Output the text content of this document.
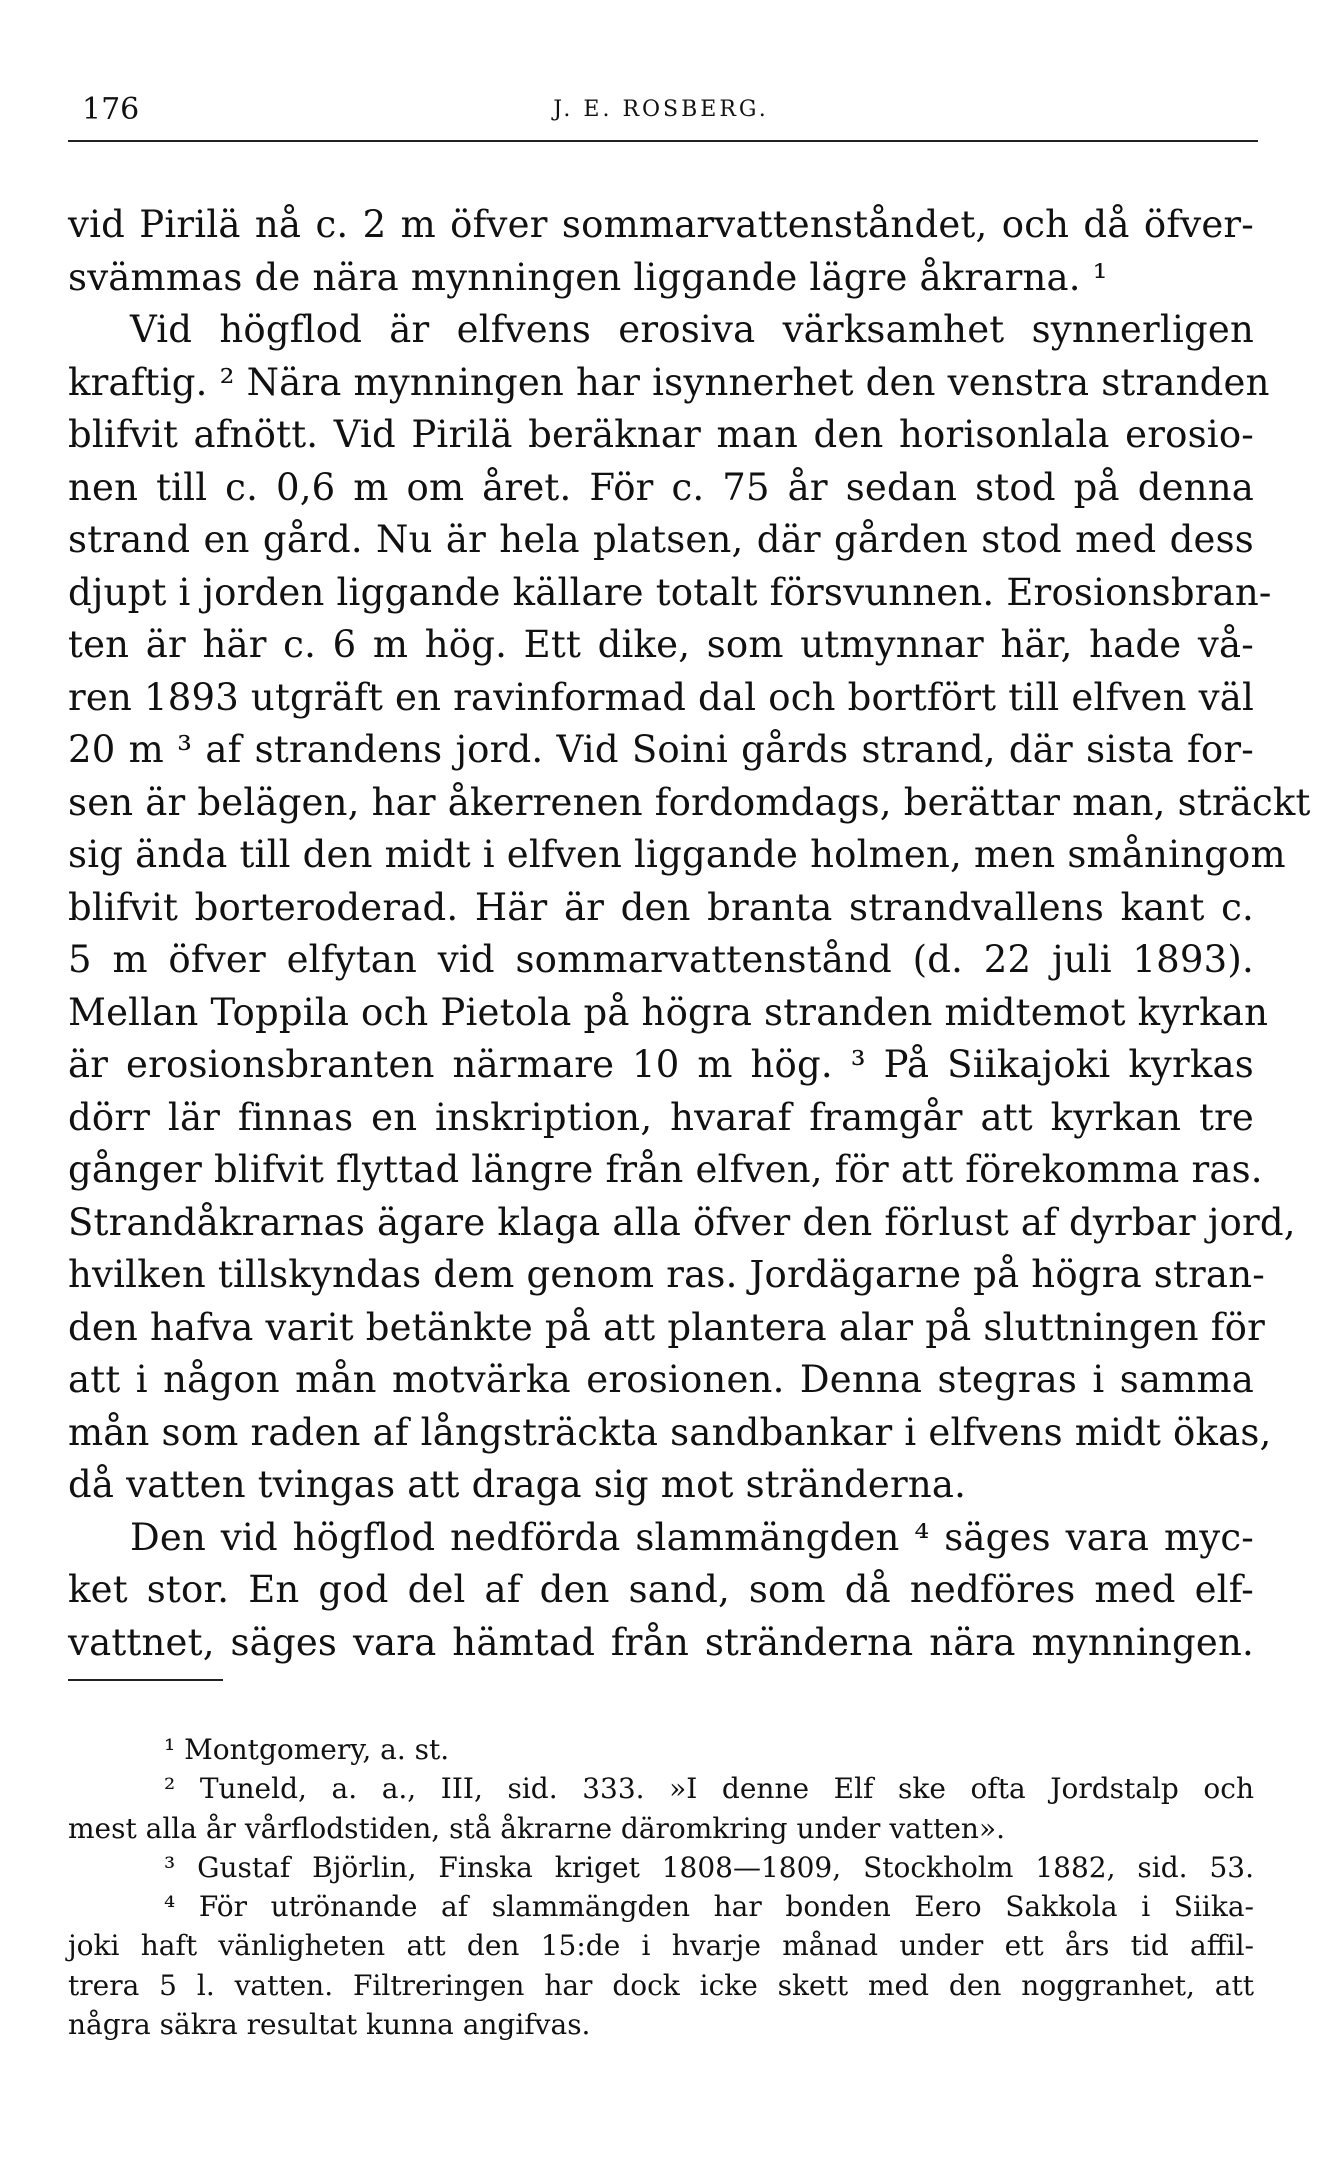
176	J. E. ROSBERG.
vid Pirilä nå c. 2 m öfver sommarvattenståndet, och då öfver-
svämmas de nära mynningen liggande lägre åkrarna. ¹
Vid högflod är elfvens erosiva värksamhet synnerligen
kraftig. ² Nära mynningen har isynnerhet den venstra stranden
blifvit afnött. Vid Pirilä beräknar man den horisonlala erosio-
nen till c. 0,6 m om året. För c. 75 år sedan stod på denna
strand en gård. Nu är hela platsen, där gården stod med dess
djupt i jorden liggande källare totalt försvunnen. Erosionsbran-
ten är här c. 6 m hög. Ett dike, som utmynnar här, hade vå-
ren 1893 utgräft en ravinformad dal och bortfört till elfven väl
20 m ³ af strandens jord. Vid Soini gårds strand, där sista for-
sen är belägen, har åkerrenen fordomdags, berättar man, sträckt
sig ända till den midt i elfven liggande holmen, men småningom
blifvit borteroderad. Här är den branta strandvallens kant c.
5 m öfver elfytan vid sommarvattenstånd (d. 22 juli 1893).
Mellan Toppila och Pietola på högra stranden midtemot kyrkan
är erosionsbranten närmare 10 m hög. ³ På Siikajoki kyrkas
dörr lär finnas en inskription, hvaraf framgår att kyrkan tre
gånger blifvit flyttad längre från elfven, för att förekomma ras.
Strandåkrarnas ägare klaga alla öfver den förlust af dyrbar jord,
hvilken tillskyndas dem genom ras. Jordägarne på högra stran-
den hafva varit betänkte på att plantera alar på sluttningen för
att i någon mån motvärka erosionen. Denna stegras i samma
mån som raden af långsträckta sandbankar i elfvens midt ökas,
då vatten tvingas att draga sig mot stränderna.
Den vid högflod nedförda slammängden ⁴ säges vara myc-
ket stor. En god del af den sand, som då nedföres med elf-
vattnet, säges vara hämtad från stränderna nära mynningen.
¹ Montgomery, a. st.
² Tuneld, a. a., III, sid. 333. »I denne Elf ske ofta Jordstalp och
mest alla år vårflodstiden, stå åkrarne däromkring under vatten».
³ Gustaf Björlin, Finska kriget 1808—1809, Stockholm 1882, sid. 53.
⁴ För utrönande af slammängden har bonden Eero Sakkola i Siika-
joki haft vänligheten att den 15:de i hvarje månad under ett års tid affil-
trera 5 l. vatten. Filtreringen har dock icke skett med den noggranhet, att
några säkra resultat kunna angifvas.
